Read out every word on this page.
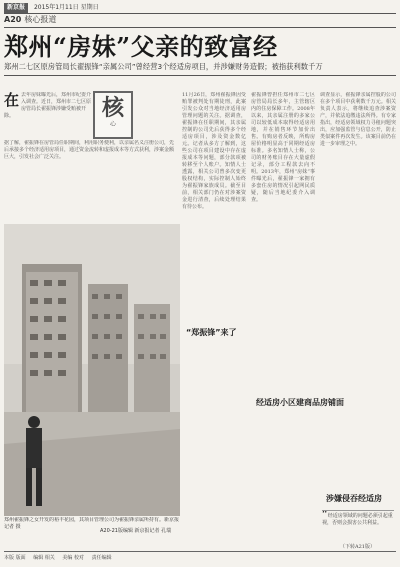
新京报 2015年1月11日 星期日
A20 核心报道
郑州“房妹”父亲的致富经
郑州二七区原房管局长翟振锋“亲属公司”曾经营3个经适房项目，并涉嫌财务造假；被指获利数千万
在 去年房妹曝光后，郑州市纪委介入调查。近日，郑州市二七区原房管局长翟振锋涉嫌受贿被开除。	核
心
据了解，翟振锋在房管局任职期间，利用职务便利，以亲属名义注册公司，先后承接多个经济适用房项目，通过资金流转和虚报成本等方式获利，涉案金额巨大，引发社会广泛关注。
郑州翟振锋之女开发的裕丰花园，其项目管理公司为翟振锋亲属所持有。新京报记者 摄
A20-21版编辑 新京报记者 孔瑞
11月26日，郑州翟振锋因受贿罪被判处有期徒刑，此案引发公众对当地经济适用房管理问题的关注。据调查，翟振锋在任职期间，其亲属控制的公司先后获得多个经适房项目，涉及资金数亿元。记者从多方了解到，这些公司在项目建设中存在虚报成本等问题，部分款项被转移至个人账户。知情人士透露，相关公司曾多次变更股权结构，实际控制人始终为翟振锋家族成员。截至目前，相关部门仍在对涉案资金进行清查，后续处理结果有待公布。
翟振锋曾担任郑州市二七区房管局局长多年，主管辖区内的住房保障工作。2008年以来，其亲属注册的多家公司以较低成本取得经适房用地，并在销售环节加价出售。有购房者反映，所购房屋价格明显高于同期经适房标准。多名知情人士称，公司的财务账目存在大量虚假记录，部分工程款去向不明。2013年，郑州“房妹”事件曝光后，翟振锋一家拥有多套住房的情况引起网民质疑，随后当地纪委介入调查。
调查显示，翟振锋亲属控股的公司在多个项目中获利数千万元。相关负责人表示，将继续追查涉案资产，并依法追缴违法所得。有专家指出，经适房领域权力寻租问题突出，应加强监管与信息公开，防止类似案件再次发生。该案目前仍在进一步审理之中。
“郑振锋”来了
经适房小区建商品房铺面
涉嫌侵吞经适房
“经适房领域的问题必须引起重视，否则会损害公共利益。
（下转A21版）
本版 版面 编辑 相关 美编 校对 责任编辑
